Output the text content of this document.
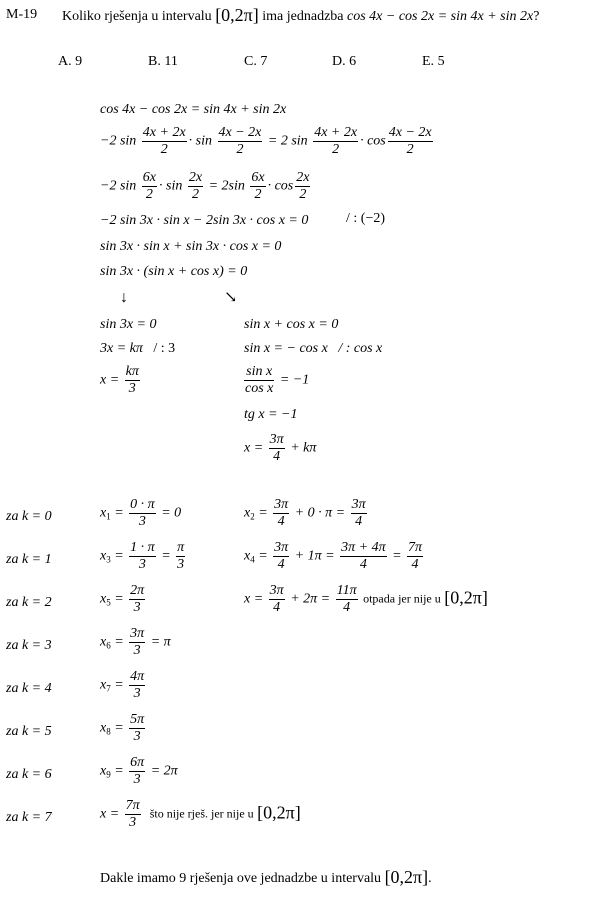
M-19 Koliko rješenja u intervalu [0,2π] ima jednadzba cos 4x − cos 2x = sin 4x + sin 2x?
A. 9	B. 11	C. 7	D. 6	E. 5
cos 4x − cos 2x = sin 4x + sin 2x
−2 $\sin \frac{4x + 2x}{2} \cdot \sin \frac{4x - 2x}{2} = 2$ $\sin \frac{4x + 2x}{2} \cdot \cos \frac{4x - 2x}{2}$
−2 $\sin \frac{6x}{2} \cdot \sin \frac{2x}{2} = 2\sin \frac{6x}{2} \cdot \cos \frac{2x}{2}$
−2 sin 3x · sin x − 2sin 3x · cos x = 0	/ : (−2)
sin 3x · sin x + sin 3x · cos x = 0
sin 3x · (sin x + cos x) = 0
↓	↘
sin 3x = 0
3x = kπ / : 3
$x = \frac{k\pi}{3}$
sin x + cos x = 0
sin x = − cos x / : cos x
$\frac{\text{sin x}}{\text{cos x}} = -1$
tg x = −1
$x = \frac{3\pi}{4} + k\pi$
za k = 0	$x_1 = \frac{0 \cdot \pi}{3} = 0$	$x_2 = \frac{3\pi}{4} + 0 \cdot \pi = \frac{3\pi}{4}$
za k = 1	$x_3 = \frac{1 \cdot \pi}{3} = \frac{\pi}{3}$	$x_4 = \frac{3\pi}{4} + 1\pi = \frac{3\pi + 4\pi}{4} = \frac{7\pi}{4}$
za k = 2	$x_5 = \frac{2\pi}{3}$	$x = \frac{3\pi}{4} + 2\pi = \frac{11\pi}{4}$ otpada jer nije u [0,2π]
za k = 3	$x_6 = \frac{3\pi}{3} = \pi$
za k = 4	$x_7 = \frac{4\pi}{3}$
za k = 5	$x_8 = \frac{5\pi}{3}$
za k = 6	$x_9 = \frac{6\pi}{3} = 2\pi$
za k = 7	$x = \frac{7\pi}{3}$ što nije rješ. jer nije u [0,2π]
Dakle imamo 9 rješenja ove jednadzbe u intervalu [0,2π].
